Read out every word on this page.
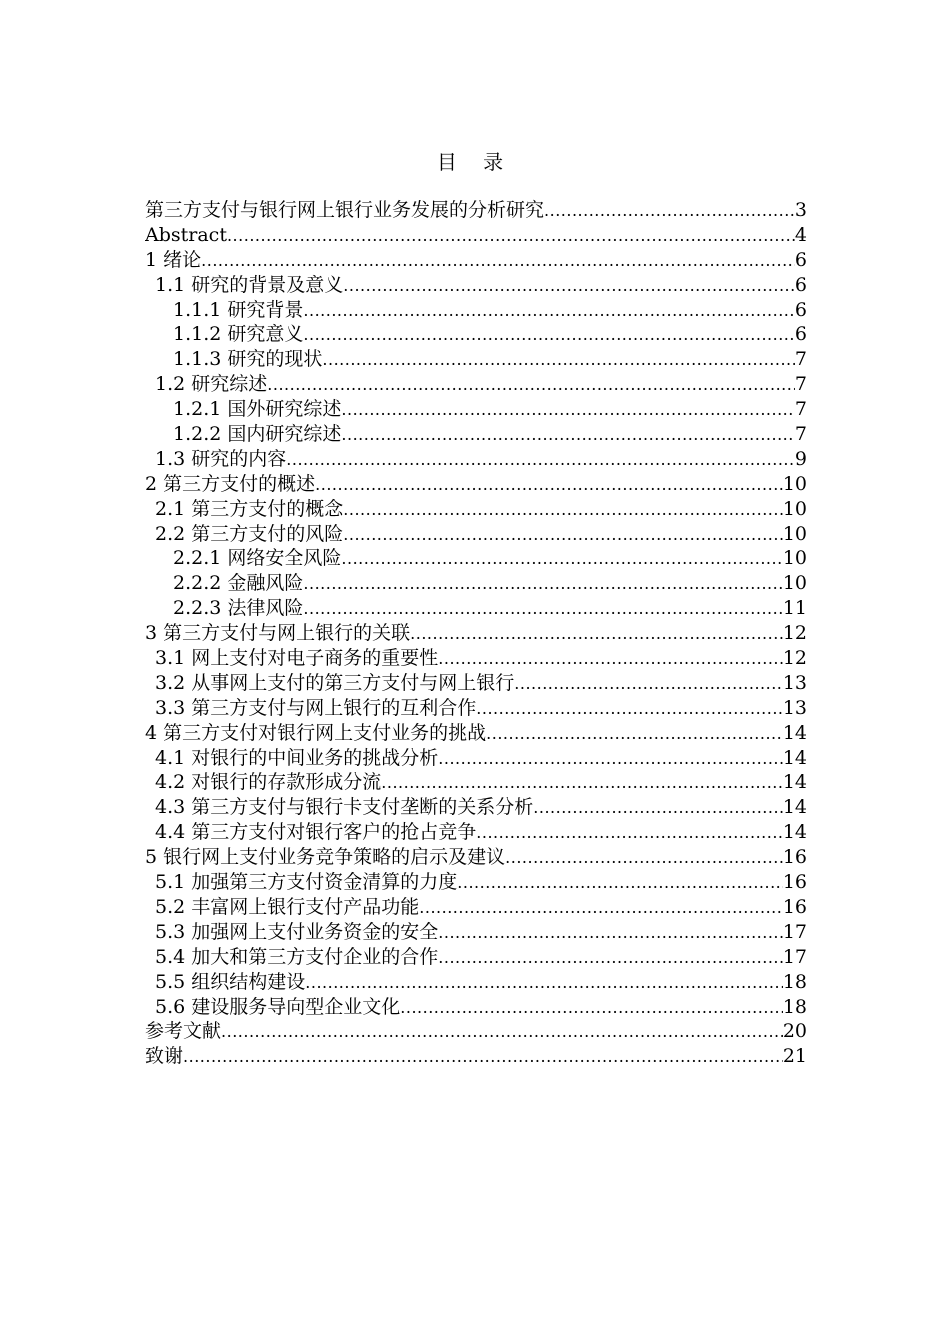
目 录
第三方支付与银行网上银行业务发展的分析研究 .....	3
Abstract .....	4
1 绪论 .....	6
1.1 研究的背景及意义 .....	6
1.1.1 研究背景 .....	6
1.1.2 研究意义 .....	6
1.1.3 研究的现状 .....	7
1.2 研究综述 .....	7
1.2.1 国外研究综述 .....	7
1.2.2 国内研究综述 .....	7
1.3 研究的内容 .....	9
2 第三方支付的概述 .....	10
2.1 第三方支付的概念 .....	10
2.2 第三方支付的风险 .....	10
2.2.1 网络安全风险 .....	10
2.2.2 金融风险 .....	10
2.2.3 法律风险 .....	11
3 第三方支付与网上银行的关联 .....	12
3.1 网上支付对电子商务的重要性 .....	12
3.2 从事网上支付的第三方支付与网上银行 .....	13
3.3 第三方支付与网上银行的互利合作 .....	13
4 第三方支付对银行网上支付业务的挑战 .....	14
4.1 对银行的中间业务的挑战分析 .....	14
4.2 对银行的存款形成分流 .....	14
4.3 第三方支付与银行卡支付垄断的关系分析 .....	14
4.4 第三方支付对银行客户的抢占竞争 .....	14
5 银行网上支付业务竞争策略的启示及建议 .....	16
5.1 加强第三方支付资金清算的力度 .....	16
5.2 丰富网上银行支付产品功能 .....	16
5.3 加强网上支付业务资金的安全 .....	17
5.4 加大和第三方支付企业的合作 .....	17
5.5 组织结构建设 .....	18
5.6 建设服务导向型企业文化 .....	18
参考文献 .....	20
致谢 .....	21
